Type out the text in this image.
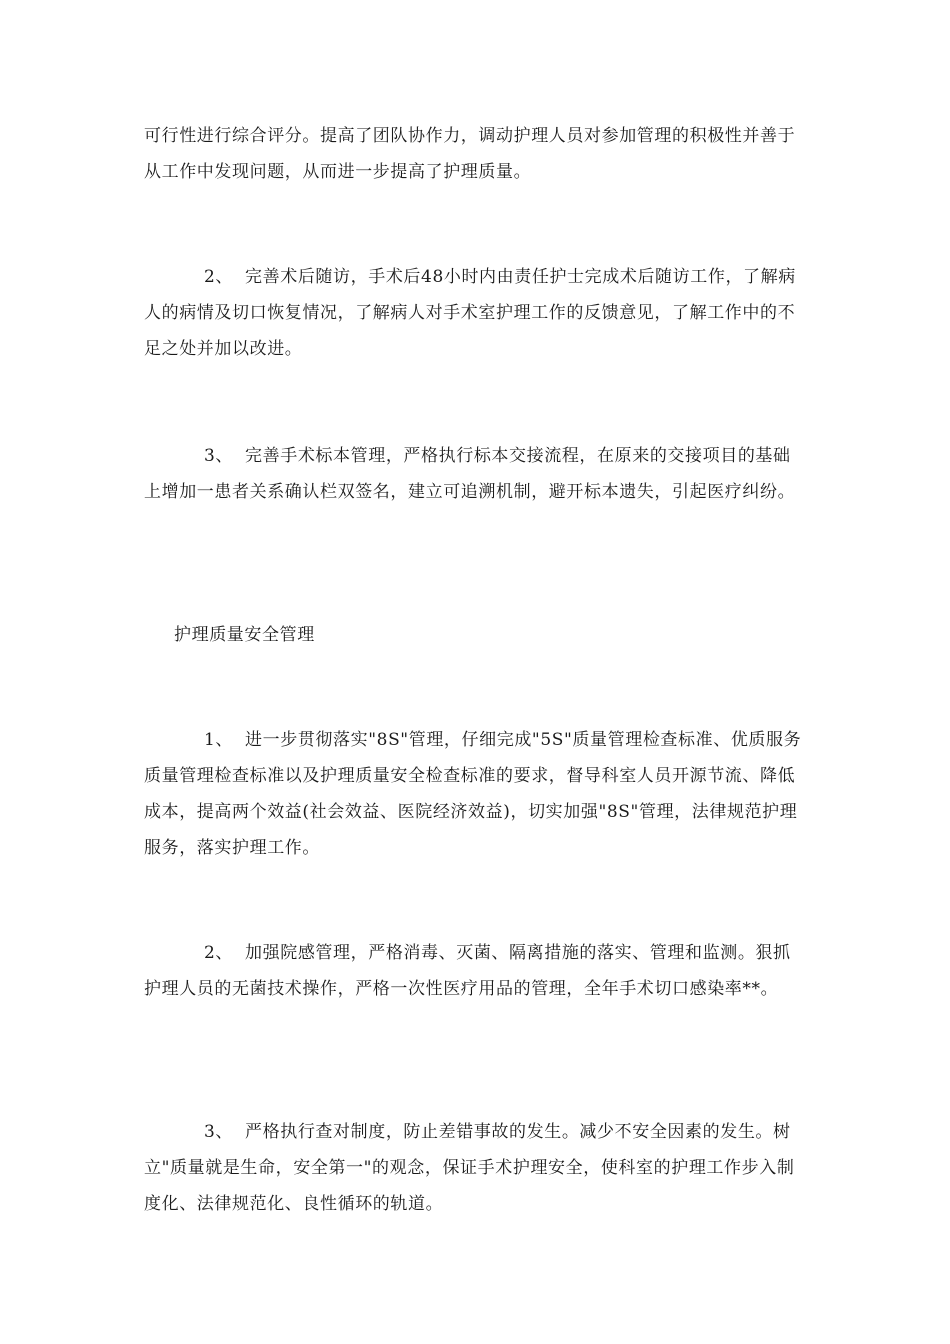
可行性进行综合评分。提高了团队协作力，调动护理人员对参加管理的积极性并善于从工作中发现问题，从而进一步提高了护理质量。

2、 完善术后随访，手术后48小时内由责任护士完成术后随访工作，了解病人的病情及切口恢复情况，了解病人对手术室护理工作的反馈意见，了解工作中的不足之处并加以改进。

3、 完善手术标本管理，严格执行标本交接流程，在原来的交接项目的基础上增加一患者关系确认栏双签名，建立可追溯机制，避开标本遗失，引起医疗纠纷。

护理质量安全管理

1、 进一步贯彻落实"8S"管理，仔细完成"5S"质量管理检查标准、优质服务质量管理检查标准以及护理质量安全检查标准的要求，督导科室人员开源节流、降低成本，提高两个效益(社会效益、医院经济效益)，切实加强"8S"管理，法律规范护理服务，落实护理工作。

2、 加强院感管理，严格消毒、灭菌、隔离措施的落实、管理和监测。狠抓护理人员的无菌技术操作，严格一次性医疗用品的管理，全年手术切口感染率**。

3、 严格执行查对制度，防止差错事故的发生。减少不安全因素的发生。树立"质量就是生命，安全第一"的观念，保证手术护理安全，使科室的护理工作步入制度化、法律规范化、良性循环的轨道。
